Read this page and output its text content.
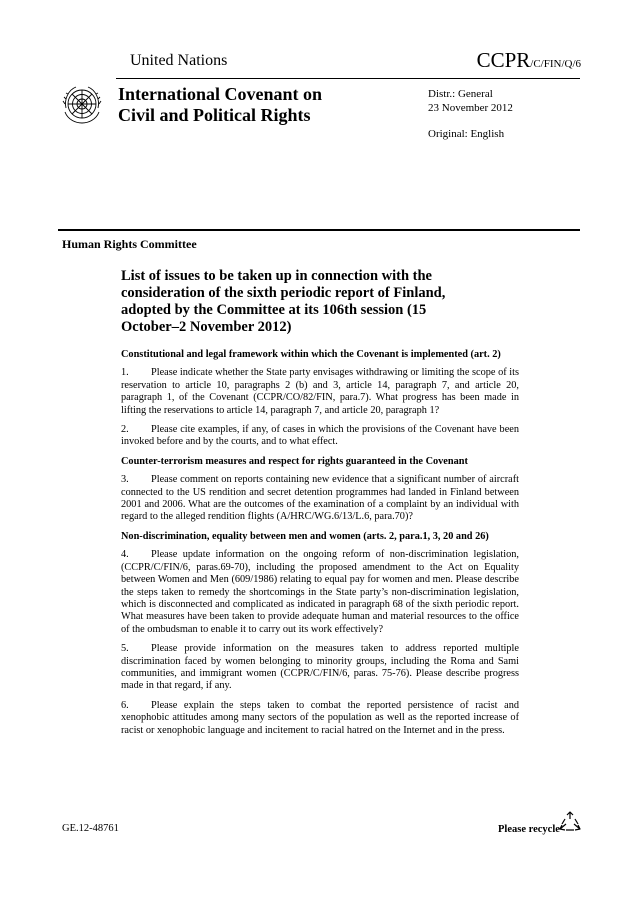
United Nations	CCPR/C/FIN/Q/6
International Covenant on
Civil and Political Rights
Distr.: General
23 November 2012
Original: English
Human Rights Committee
List of issues to be taken up in connection with the consideration of the sixth periodic report of Finland, adopted by the Committee at its 106th session (15 October–2 November 2012)
Constitutional and legal framework within which the Covenant is implemented (art. 2)

1. Please indicate whether the State party envisages withdrawing or limiting the scope of its reservation to article 10, paragraphs 2 (b) and 3, article 14, paragraph 7, and article 20, paragraph 1, of the Covenant (CCPR/CO/82/FIN, para.7). What progress has been made in lifting the reservations to article 14, paragraph 7, and article 20, paragraph 1?

2. Please cite examples, if any, of cases in which the provisions of the Covenant have been invoked before and by the courts, and to what effect.

Counter-terrorism measures and respect for rights guaranteed in the Covenant

3. Please comment on reports containing new evidence that a significant number of aircraft connected to the US rendition and secret detention programmes had landed in Finland between 2001 and 2006. What are the outcomes of the examination of a complaint by an individual with regard to the alleged rendition flights (A/HRC/WG.6/13/L.6, para.70)?

Non-discrimination, equality between men and women (arts. 2, para.1, 3, 20 and 26)

4. Please update information on the ongoing reform of non-discrimination legislation, (CCPR/C/FIN/6, paras.69-70), including the proposed amendment to the Act on Equality between Women and Men (609/1986) relating to equal pay for women and men. Please describe the steps taken to remedy the shortcomings in the State party’s non-discrimination legislation, which is disconnected and complicated as indicated in paragraph 68 of the sixth periodic report. What measures have been taken to provide adequate human and material resources to the office of the ombudsman to enable it to carry out its work effectively?

5. Please provide information on the measures taken to address reported multiple discrimination faced by women belonging to minority groups, including the Roma and Sami communities, and immigrant women (CCPR/C/FIN/6, paras. 75-76). Please describe progress made in that regard, if any.

6. Please explain the steps taken to combat the reported persistence of racist and xenophobic attitudes among many sectors of the population as well as the reported increase of racist or xenophobic language and incitement to racial hatred on the Internet and in the press.

GE.12-48761	Please recycle
